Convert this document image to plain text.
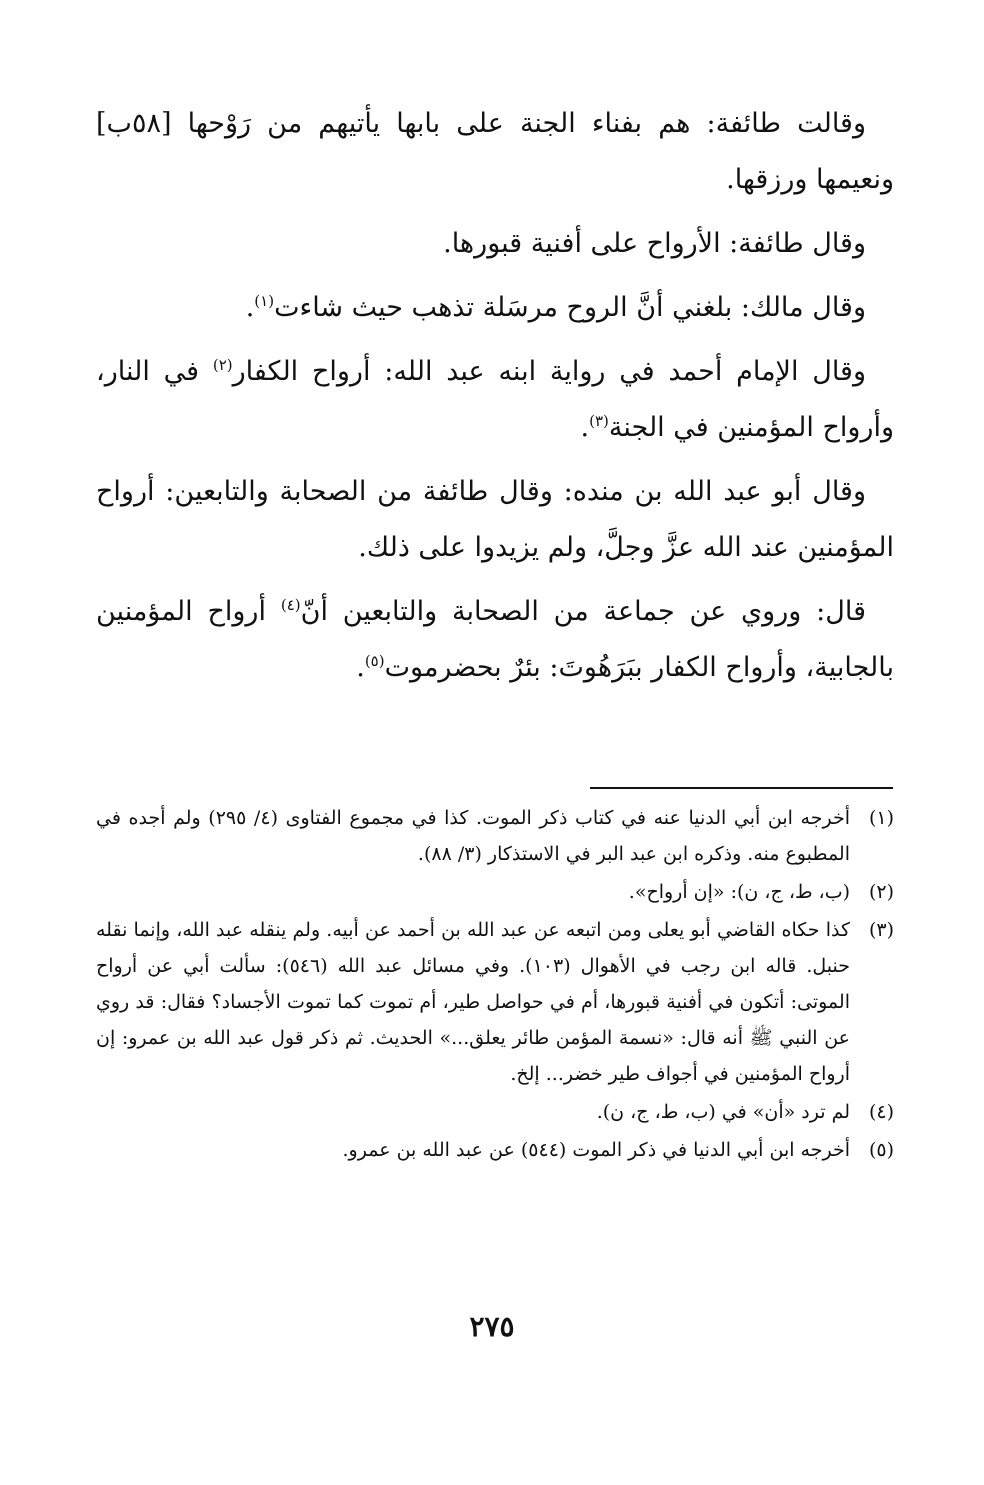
وقالت طائفة: هم بفناء الجنة على بابها يأتيهم من رَوْحها [٥٨ب] ونعيمها ورزقها.

وقال طائفة: الأرواح على أفنية قبورها.

وقال مالك: بلغني أنَّ الروح مرسَلة تذهب حيث شاءت$^{(١)}$.

وقال الإمام أحمد في رواية ابنه عبد الله: أرواح الكفار$^{(٢)}$ في النار، وأرواح المؤمنين في الجنة$^{(٣)}$.

وقال أبو عبد الله بن منده: وقال طائفة من الصحابة والتابعين: أرواح المؤمنين عند الله عزَّ وجلَّ، ولم يزيدوا على ذلك.

قال: وروي عن جماعة من الصحابة والتابعين أنّ$^{(٤)}$ أرواح المؤمنين بالجابية، وأرواح الكفار ببَرَهُوتَ: بئرٌ بحضرموت$^{(٥)}$.

(١)
أخرجه ابن أبي الدنيا عنه في كتاب ذكر الموت. كذا في مجموع الفتاوى (٤/ ٢٩٥) ولم أجده في المطبوع منه. وذكره ابن عبد البر في الاستذكار (٣/ ٨٨).
(٢)
(ب، ط، ج، ن): «إن أرواح».
(٣)
كذا حكاه القاضي أبو يعلى ومن اتبعه عن عبد الله بن أحمد عن أبيه. ولم ينقله عبد الله، وإنما نقله حنبل. قاله ابن رجب في الأهوال (١٠٣). وفي مسائل عبد الله (٥٤٦): سألت أبي عن أرواح الموتى: أتكون في أفنية قبورها، أم في حواصل طير، أم تموت كما تموت الأجساد؟ فقال: قد روي عن النبي ﷺ أنه قال: «نسمة المؤمن طائر يعلق...» الحديث. ثم ذكر قول عبد الله بن عمرو: إن أرواح المؤمنين في أجواف طير خضر... إلخ.
(٤)
لم ترد «أن» في (ب، ط، ج، ن).
(٥)
أخرجه ابن أبي الدنيا في ذكر الموت (٥٤٤) عن عبد الله بن عمرو.
٢٧٥
